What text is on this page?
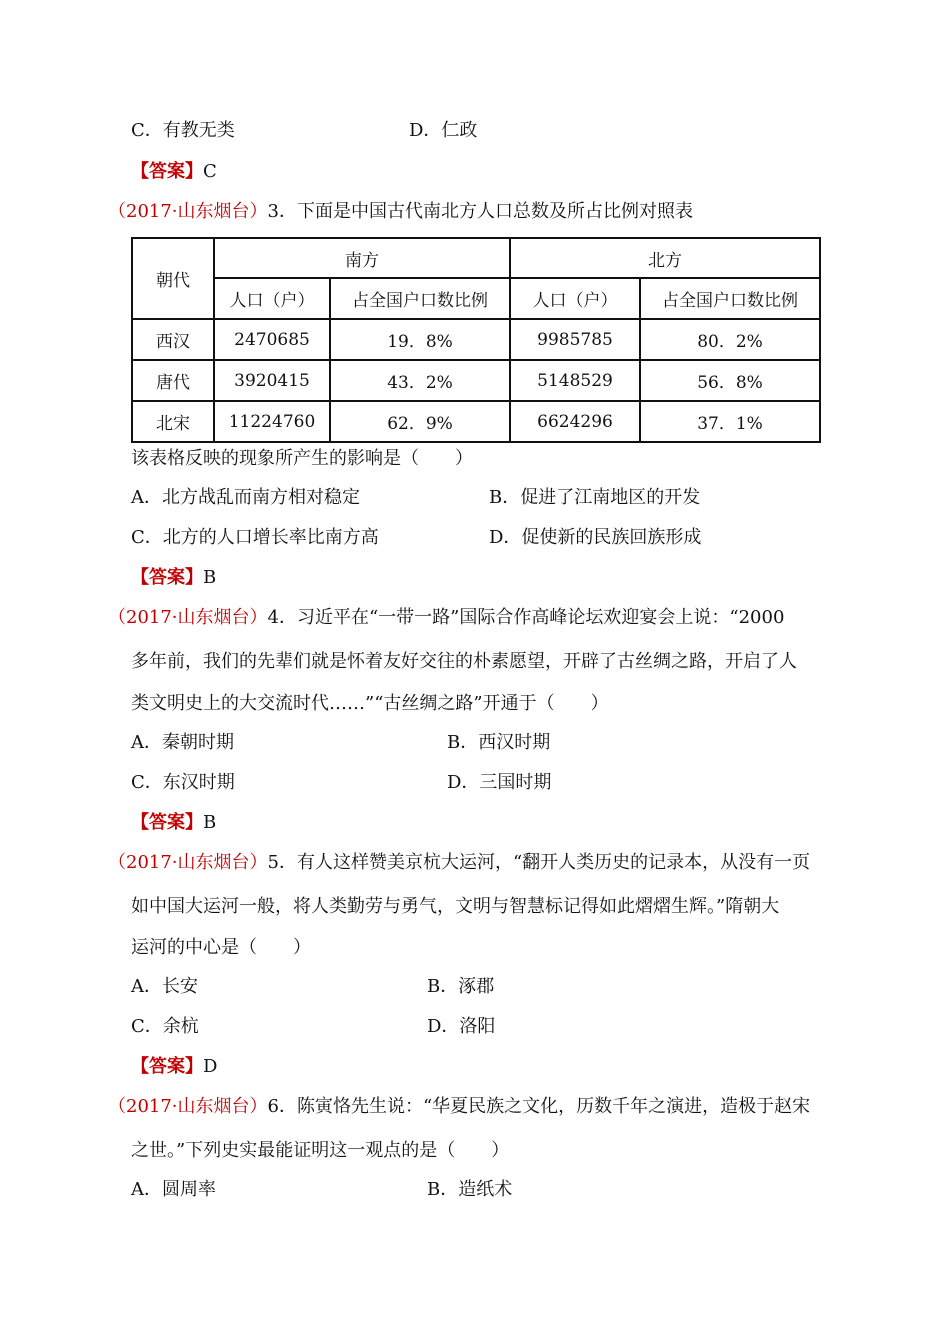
C．有教无类	D．仁政
【答案】C
（2017·山东烟台）3．下面是中国古代南北方人口总数及所占比例对照表
朝代	南方		北方	
	人口（户）	占全国户口数比例	人口（户）	占全国户口数比例
西汉	2470685	19．8%	9985785	80．2%
唐代	3920415	43．2%	5148529	56．8%
北宋	11224760	62．9%	6624296	37．1%
该表格反映的现象所产生的影响是（　　）
A．北方战乱而南方相对稳定	B．促进了江南地区的开发
C．北方的人口增长率比南方高	D．促使新的民族回族形成
【答案】B
（2017·山东烟台）4．习近平在“一带一路”国际合作高峰论坛欢迎宴会上说：“2000
多年前，我们的先辈们就是怀着友好交往的朴素愿望，开辟了古丝绸之路，开启了人
类文明史上的大交流时代……”“古丝绸之路”开通于（　　）
A．秦朝时期	B．西汉时期
C．东汉时期	D．三国时期
【答案】B
（2017·山东烟台）5．有人这样赞美京杭大运河，“翻开人类历史的记录本，从没有一页
如中国大运河一般，将人类勤劳与勇气，文明与智慧标记得如此熠熠生辉。”隋朝大
运河的中心是（　　）
A．长安	B．涿郡
C．余杭	D．洛阳
【答案】D
（2017·山东烟台）6．陈寅恪先生说：“华夏民族之文化，历数千年之演进，造极于赵宋
之世。”下列史实最能证明这一观点的是（　　）
A．圆周率	B．造纸术
